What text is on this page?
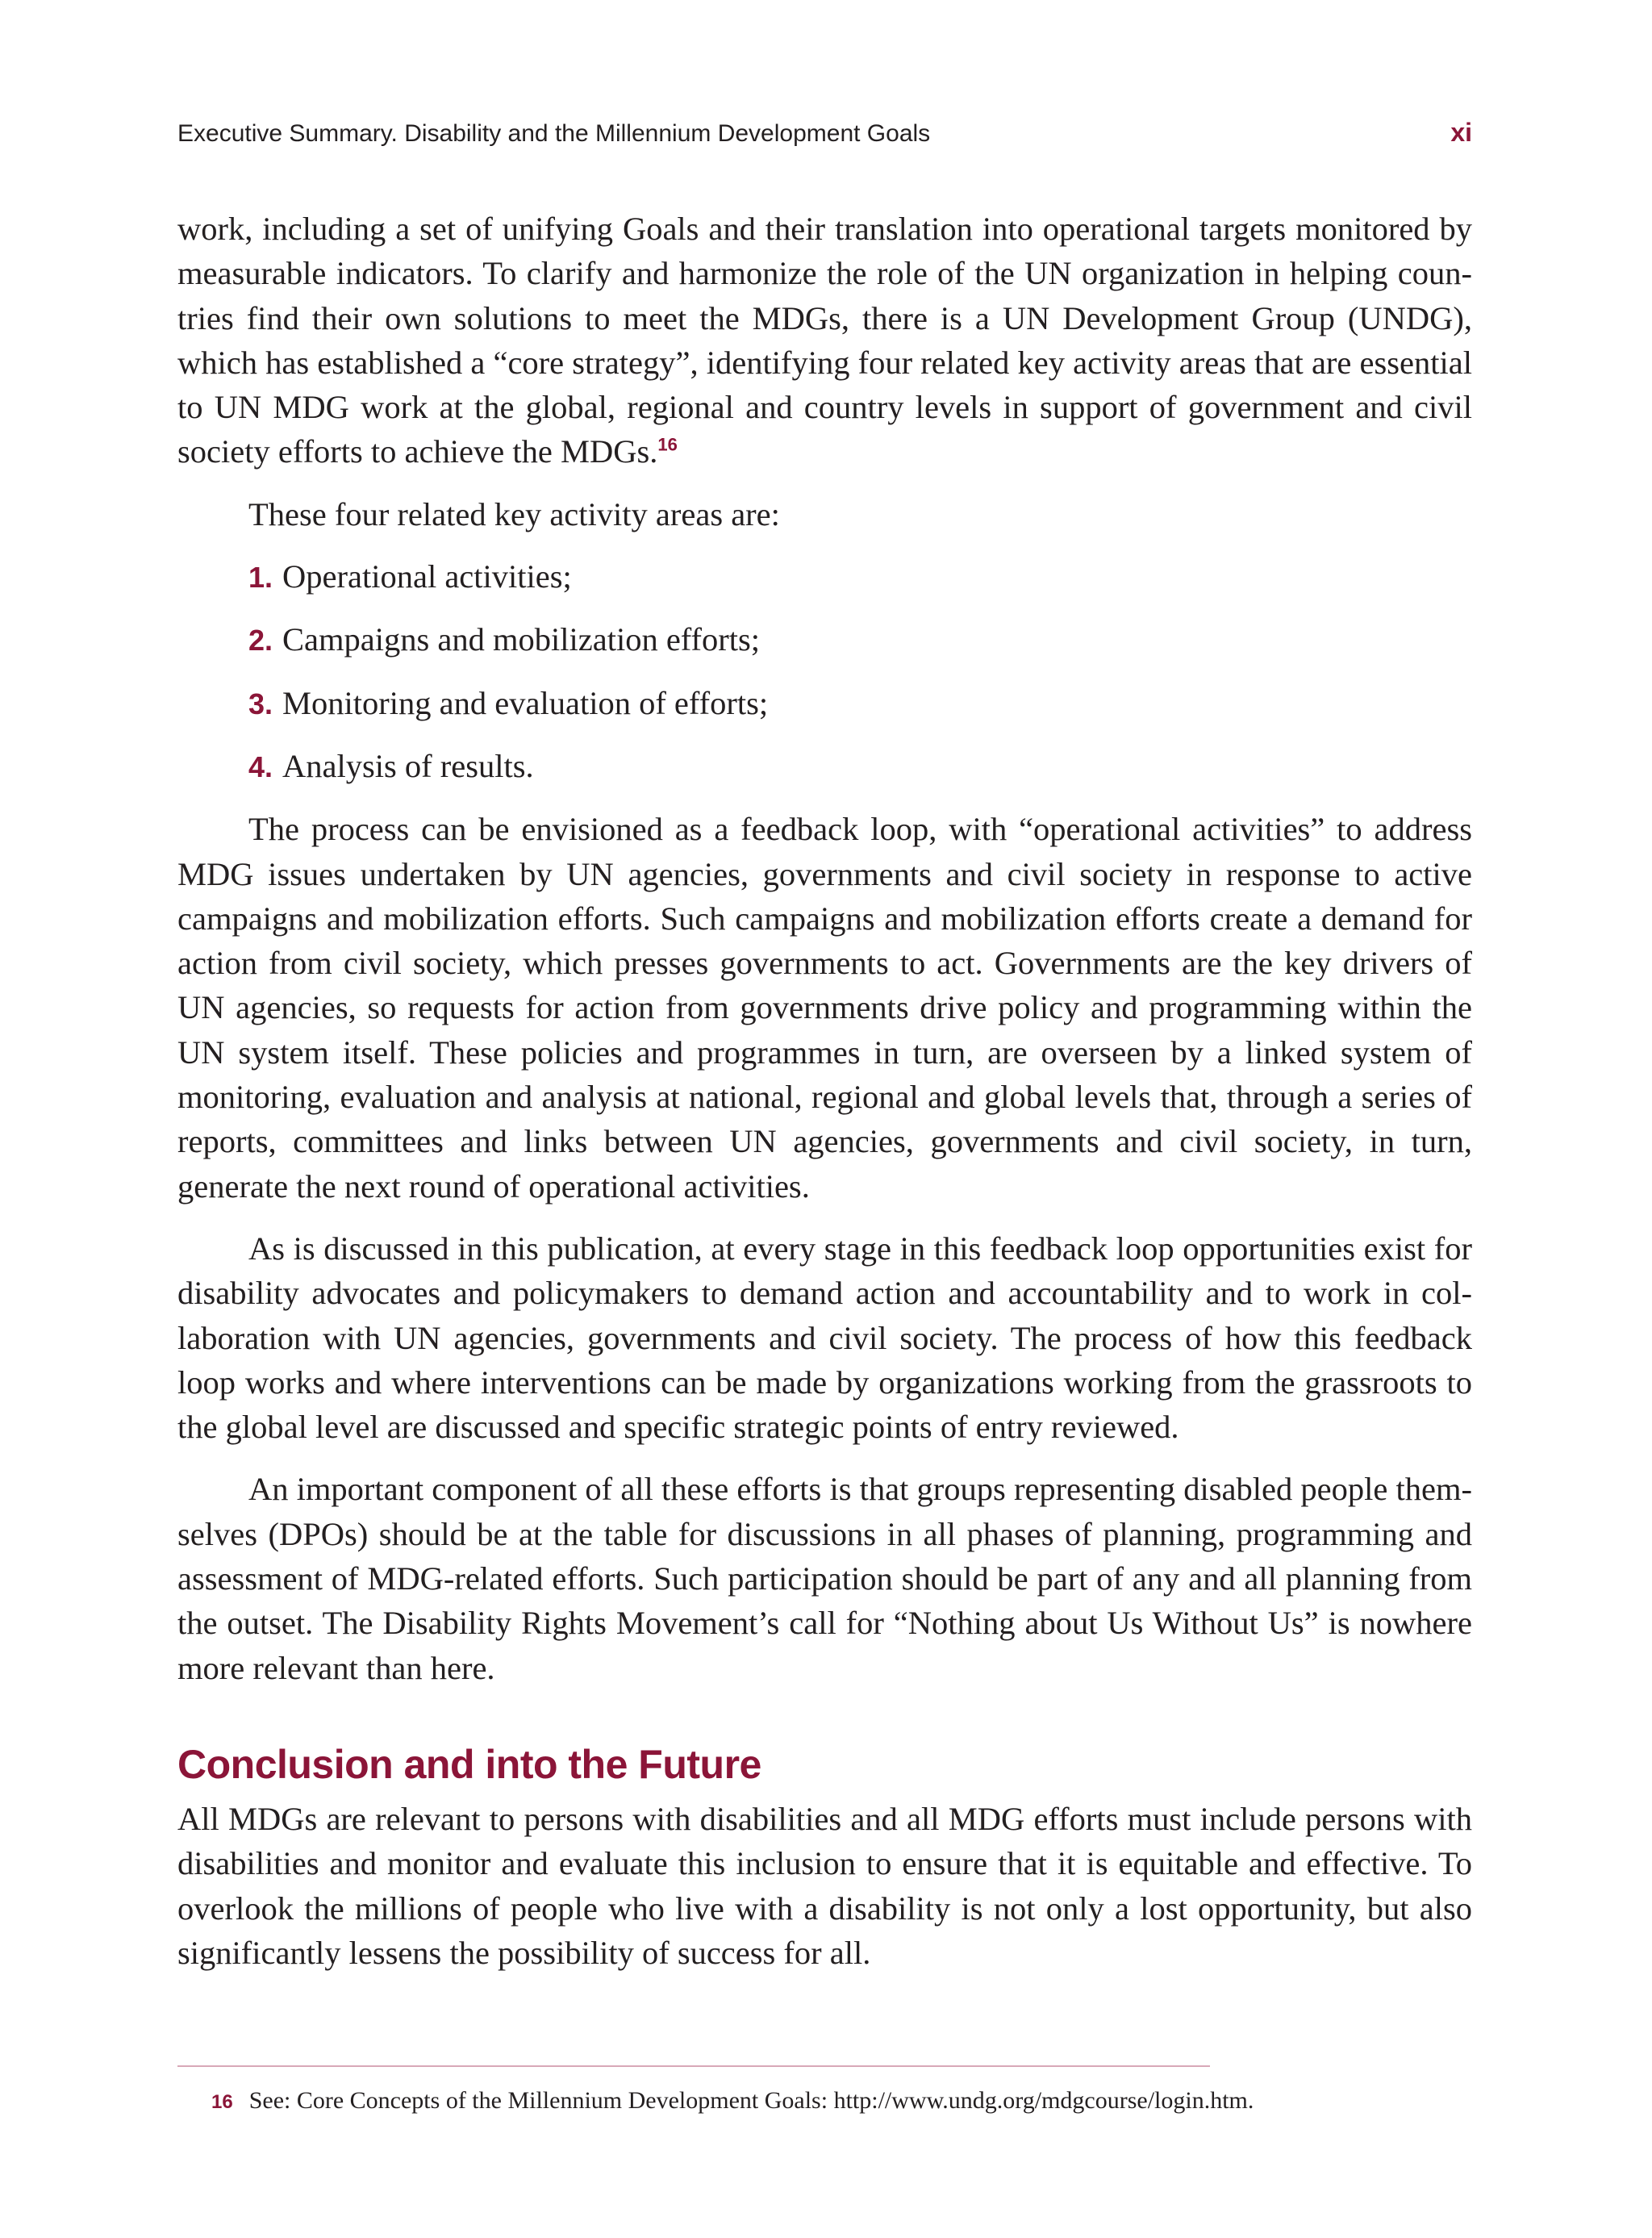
Executive Summary. Disability and the Millennium Development Goals	xi

work, including a set of unifying Goals and their translation into operational targets monitored by measurable indicators. To clarify and harmonize the role of the UN organization in helping coun-tries find their own solutions to meet the MDGs, there is a UN Development Group (UNDG), which has established a “core strategy”, identifying four related key activity areas that are essential to UN MDG work at the global, regional and country levels in support of government and civil society efforts to achieve the MDGs.$^{16}$

These four related key activity areas are:

1. Operational activities;
2. Campaigns and mobilization efforts;
3. Monitoring and evaluation of efforts;
4. Analysis of results.

The process can be envisioned as a feedback loop, with “operational activities” to address MDG issues undertaken by UN agencies, governments and civil society in response to active campaigns and mobilization efforts. Such campaigns and mobilization efforts create a demand for action from civil society, which presses governments to act. Governments are the key drivers of UN agencies, so requests for action from governments drive policy and programming within the UN system itself. These policies and programmes in turn, are overseen by a linked system of monitoring, evaluation and analysis at national, regional and global levels that, through a series of reports, committees and links between UN agencies, governments and civil society, in turn, generate the next round of operational activities.

As is discussed in this publication, at every stage in this feedback loop opportunities exist for disability advocates and policymakers to demand action and accountability and to work in col-laboration with UN agencies, governments and civil society. The process of how this feedback loop works and where interventions can be made by organizations working from the grassroots to the global level are discussed and specific strategic points of entry reviewed.

An important component of all these efforts is that groups representing disabled people them-selves (DPOs) should be at the table for discussions in all phases of planning, programming and assessment of MDG-related efforts. Such participation should be part of any and all planning from the outset. The Disability Rights Movement’s call for “Nothing about Us Without Us” is nowhere more relevant than here.

Conclusion and into the Future

All MDGs are relevant to persons with disabilities and all MDG efforts must include persons with disabilities and monitor and evaluate this inclusion to ensure that it is equitable and effective. To overlook the millions of people who live with a disability is not only a lost opportunity, but also significantly lessens the possibility of success for all.

16 See: Core Concepts of the Millennium Development Goals: http://www.undg.org/mdgcourse/login.htm.
